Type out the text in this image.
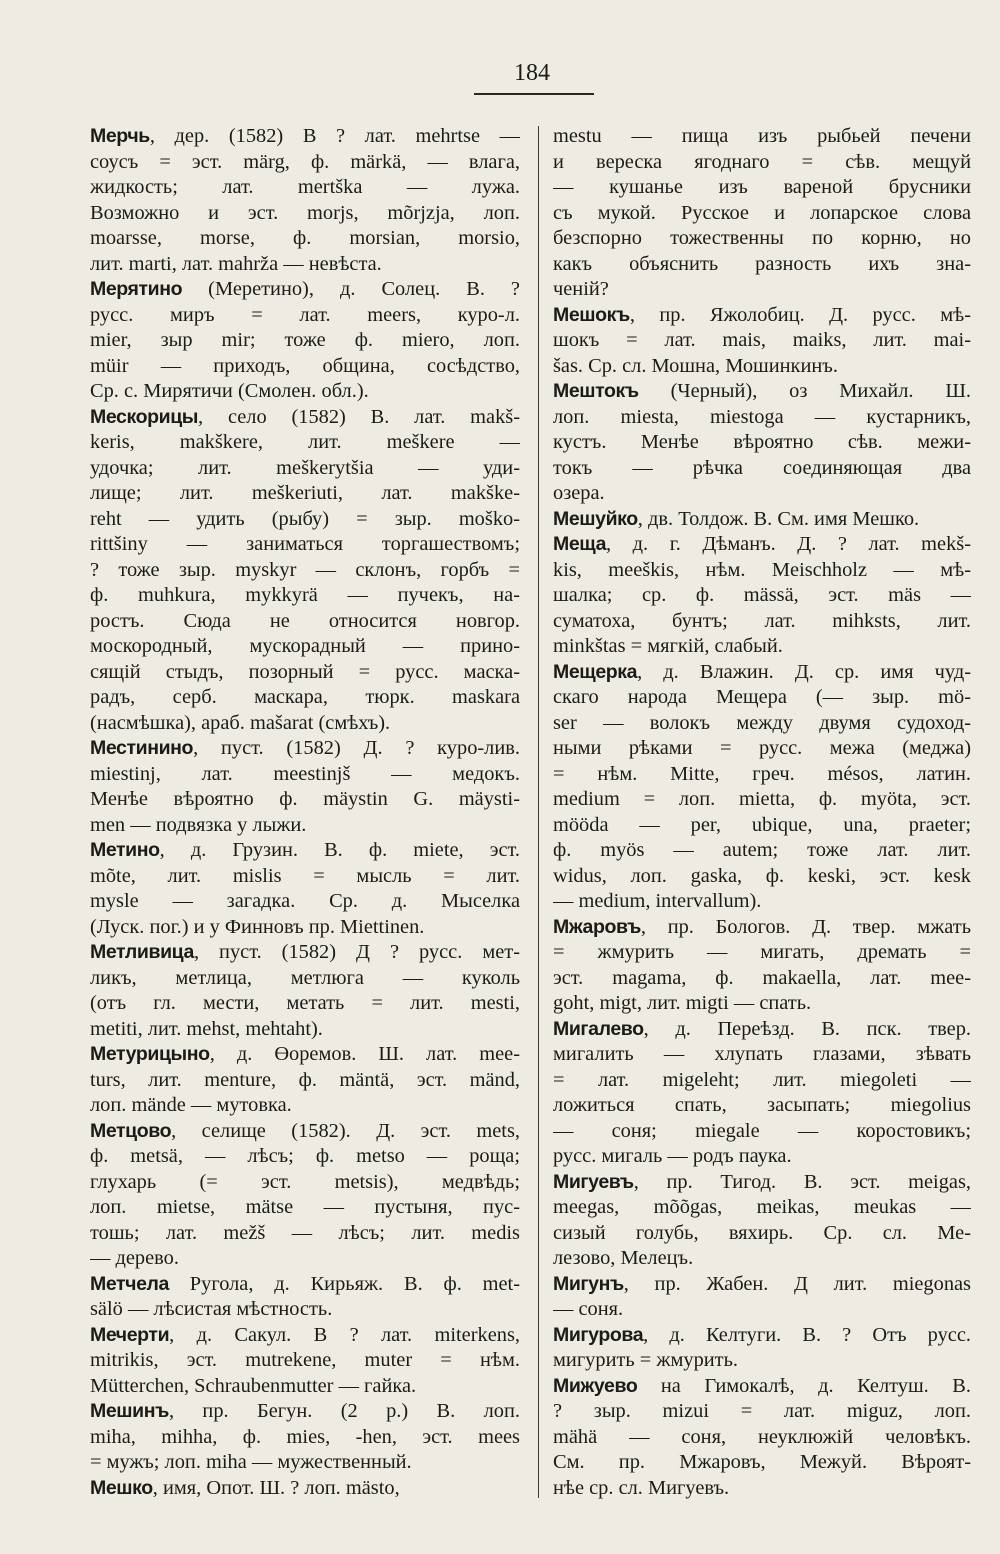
184
Мерчь, дер. (1582) В ? лат. mehrtse —
соусъ = эст. märg, ф. märkä, — влага,
жидкость; лат. mertška — лужа.
Возможно и эст. morjs, mõrjzja, лоп.
moarsse, morse, ф. morsian, morsio,
лит. marti, лат. mahrža — невѣста.
Мерятино (Меретино), д. Солец. В. ?
русс. миръ = лат. meers, куро-л.
mier, зыр mir; тоже ф. miero, лоп.
müir — приходъ, община, сосѣдство,
Ср. с. Мирятичи (Смолен. обл.).
Мескорицы, село (1582) В. лат. makš-
keris, makškere, лит. meškere —
удочка; лит. meškerytšia — уди-
лище; лит. meškeriuti, лат. makške-
reht — удить (рыбу) = зыр. moško-
rittšiny — заниматься торгашествомъ;
? тоже зыр. myskyr — склонъ, горбъ =
ф. muhkura, mykkyrä — пучекъ, на-
ростъ. Сюда не относится новгор.
москородный, мускорадный — прино-
сящiй стыдъ, позорный = русс. маска-
радъ, серб. маскара, тюрк. maskara
(насмѣшка), араб. mašarat (смѣхъ).
Местинино, пуст. (1582) Д. ? куро-лив.
miestinj, лат. meestinjš — медокъ.
Менѣе вѣроятно ф. mäystin G. mäysti-
men — подвязка у лыжи.
Метино, д. Грузин. В. ф. miete, эст.
mõte, лит. mislis = мысль = лит.
mysle — загадка. Ср. д. Мыселка
(Луск. пог.) и у Финновъ пр. Miettinen.
Метливица, пуст. (1582) Д ? русс. мет-
ликъ, метлица, метлюга — куколь
(отъ гл. мести, метать = лит. mesti,
metiti, лит. mehst, mehtaht).
Метурицыно, д. Өоремов. Ш. лат. mee-
turs, лит. menture, ф. mäntä, эст. mänd,
лоп. mände — мутовка.
Метцово, селище (1582). Д. эст. mets,
ф. metsä, — лѣсъ; ф. metso — роща;
глухарь (= эст. metsis), медвѣдь;
лоп. mietse, mätse — пустыня, пус-
тошь; лат. mežš — лѣсъ; лит. medis
— дерево.
Метчела Ругола, д. Кирьяж. В. ф. met-
sälö — лѣсистая мѣстность.
Мечерти, д. Сакул. В ? лат. miterkens,
mitrikis, эст. mutrekene, muter = нѣм.
Mütterchen, Schraubenmutter — гайка.
Мешинъ, пр. Бегун. (2 р.) В. лоп.
miha, mihha, ф. mies, -hen, эст. mees
= мужъ; лоп. miha — мужественный.
Мешко, имя, Опот. Ш. ? лоп. mästo,
mestu — пища изъ рыбьей печени
и вереска ягоднаго = сѣв. мещуй
— кушанье изъ вареной брусники
съ мукой. Русское и лопарское слова
безспорно тожественны по корню, но
какъ объяснить разность ихъ зна-
ченiй?
Мешокъ, пр. Яжолобиц. Д. русс. мѣ-
шокъ = лат. mais, maiks, лит. mai-
šas. Ср. сл. Мошна, Мошинкинъ.
Мештокъ (Черный), оз Михайл. Ш.
лоп. miesta, miestoga — кустарникъ,
кустъ. Менѣе вѣроятно сѣв. межи-
токъ — рѣчка соединяющая два
озера.
Мешуйко, дв. Толдож. В. См. имя Мешко.
Меща, д. г. Дѣманъ. Д. ? лат. mekš-
kis, meeškis, нѣм. Meischholz — мѣ-
шалка; ср. ф. mässä, эст. mäs —
суматоха, бунтъ; лат. mihksts, лит.
minkštas = мягкiй, слабый.
Мещерка, д. Влажин. Д. ср. имя чуд-
скаго народа Мещера (— зыр. mö-
ser — волокъ между двумя судоход-
ными рѣками = русс. межа (меджа)
= нѣм. Mitte, греч. mésos, латин.
medium = лоп. mietta, ф. myöta, эст.
mööda — per, ubique, una, praeter;
ф. myös — autem; тоже лат. лит.
widus, лоп. gaska, ф. keski, эст. kesk
— medium, intervallum).
Мжаровъ, пр. Бологов. Д. твер. мжать
= жмурить — мигать, дремать =
эст. magama, ф. makaella, лат. mee-
goht, migt, лит. migti — спать.
Мигалево, д. Переѣзд. В. пск. твер.
мигалить — хлупать глазами, зѣвать
= лат. migeleht; лит. miegoleti —
ложиться спать, засыпать; miegolius
— соня; miegale — коростовикъ;
русс. мигаль — родъ паука.
Мигуевъ, пр. Тигод. В. эст. meigas,
meegas, mõõgas, meikas, meukas —
сизый голубь, вяхирь. Ср. сл. Ме-
лезово, Мелецъ.
Мигунъ, пр. Жабен. Д лит. miegonas
— соня.
Мигурова, д. Келтуги. В. ? Отъ русс.
мигурить = жмурить.
Мижуево на Гимокалѣ, д. Келтуш. В.
? зыр. mizui = лат. miguz, лоп.
mähä — соня, неуклюжiй человѣкъ.
См. пр. Мжаровъ, Межуй. Вѣроят-
нѣе ср. сл. Мигуевъ.
